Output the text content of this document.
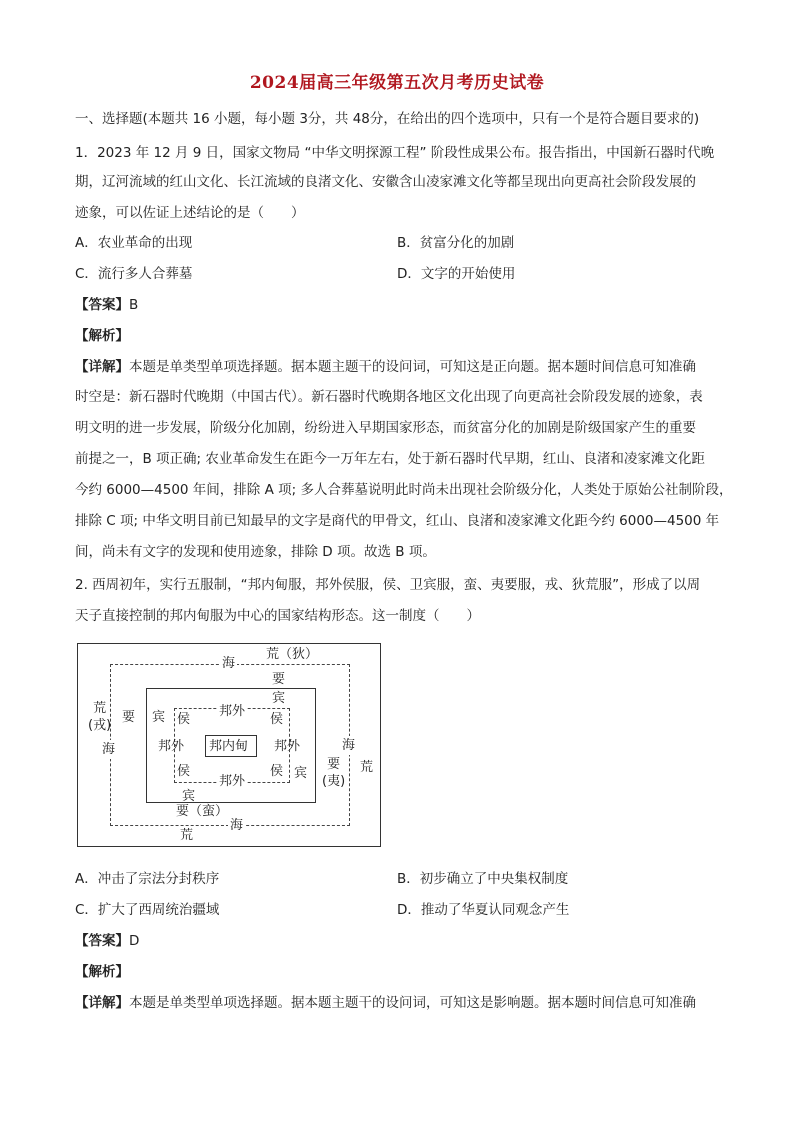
2024届高三年级第五次月考历史试卷
一、选择题(本题共 16 小题，每小题 3分，共 48分，在给出的四个选项中，只有一个是符合题目要求的)
1．2023 年 12 月 9 日，国家文物局 “中华文明探源工程” 阶段性成果公布。报告指出，中国新石器时代晚
期，辽河流域的红山文化、长江流域的良渚文化、安徽含山凌家滩文化等都呈现出向更高社会阶段发展的
迹象，可以佐证上述结论的是（　　）
A．农业革命的出现	B．贫富分化的加剧
C．流行多人合葬墓	D．文字的开始使用
【答案】B
【解析】
【详解】本题是单类型单项选择题。据本题主题干的设问词，可知这是正向题。据本题时间信息可知准确
时空是：新石器时代晚期（中国古代）。新石器时代晚期各地区文化出现了向更高社会阶段发展的迹象，表
明文明的进一步发展，阶级分化加剧，纷纷进入早期国家形态，而贫富分化的加剧是阶级国家产生的重要
前提之一，B 项正确; 农业革命发生在距今一万年左右，处于新石器时代早期，红山、良渚和凌家滩文化距
今约 6000—4500 年间，排除 A 项; 多人合葬墓说明此时尚未出现社会阶级分化，人类处于原始公社制阶段，
排除 C 项; 中华文明目前已知最早的文字是商代的甲骨文，红山、良渚和凌家滩文化距今约 6000—4500 年
间，尚未有文字的发现和使用迹象，排除 D 项。故选 B 项。
2. 西周初年，实行五服制，“邦内甸服，邦外侯服，侯、卫宾服，蛮、夷要服，戎、狄荒服”，形成了以周
天子直接控制的邦内甸服为中心的国家结构形态。这一制度（　　）
荒（狄）
海
要
宾
荒
(戎)
要
海
宾 侯
邦外
侯
邦外 邦内甸 邦外	海
侯
邦外
侯 宾
要
(夷)
荒
宾
要（蛮）
海
荒
A．冲击了宗法分封秩序	B．初步确立了中央集权制度
C．扩大了西周统治疆域	D．推动了华夏认同观念产生
【答案】D
【解析】
【详解】本题是单类型单项选择题。据本题主题干的设问词，可知这是影响题。据本题时间信息可知准确
